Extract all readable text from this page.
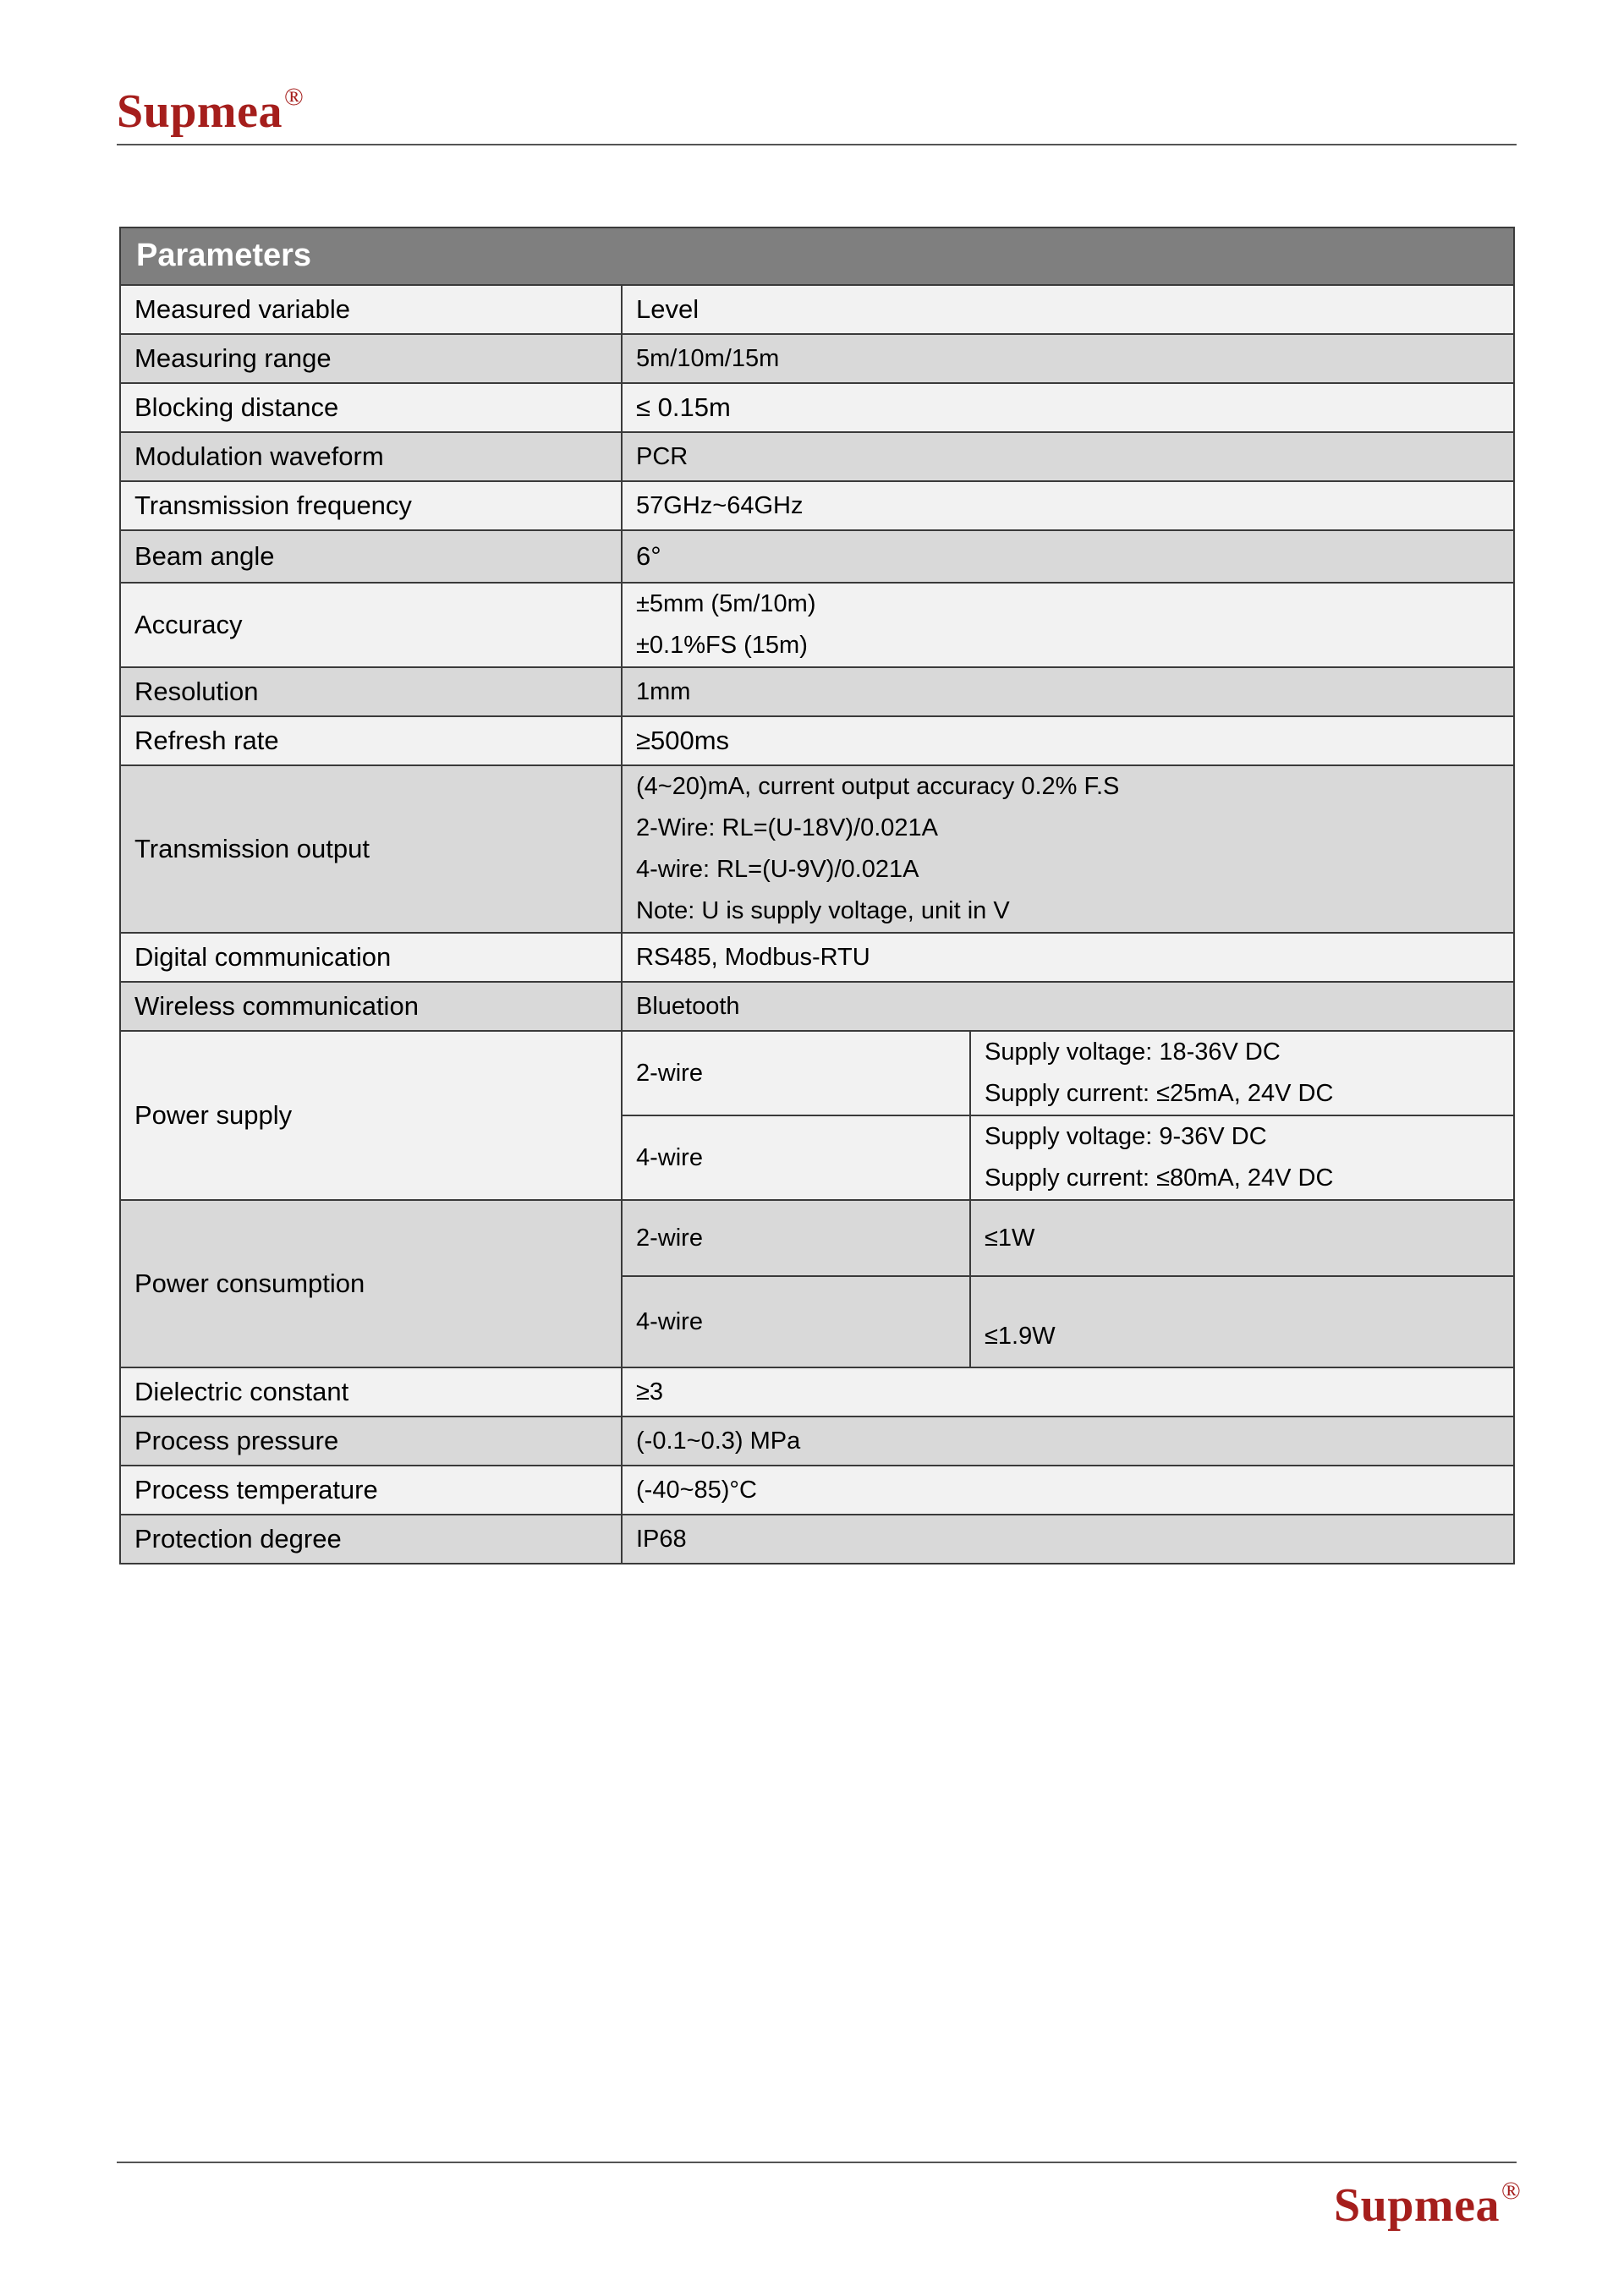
Supmea®
Parameters		
Measured variable	Level	
Measuring range	5m/10m/15m	
Blocking distance	≤ 0.15m	
Modulation waveform	PCR	
Transmission frequency	57GHz~64GHz	
Beam angle	6°	
Accuracy	±5mm (5m/10m)
±0.1%FS (15m)	

Resolution	1mm	
Refresh rate	≥500ms	
Transmission output	(4~20)mA, current output accuracy 0.2% F.S
2-Wire: RL=(U-18V)/0.021A
4-wire: RL=(U-9V)/0.021A
Note: U is supply voltage, unit in V	

Digital communication	RS485, Modbus-RTU	
Wireless communication	Bluetooth	
Power supply	2-wire	Supply voltage: 18-36V DC
Supply current: ≤25mA, 24V DC

	4-wire	Supply voltage: 9-36V DC
Supply current: ≤80mA, 24V DC

Power consumption	2-wire	≤1W
	4-wire	≤1.9W
Dielectric constant	≥3	
Process pressure	(-0.1~0.3) MPa	
Process temperature	(-40~85)°C	
Protection degree	IP68	
Supmea®
